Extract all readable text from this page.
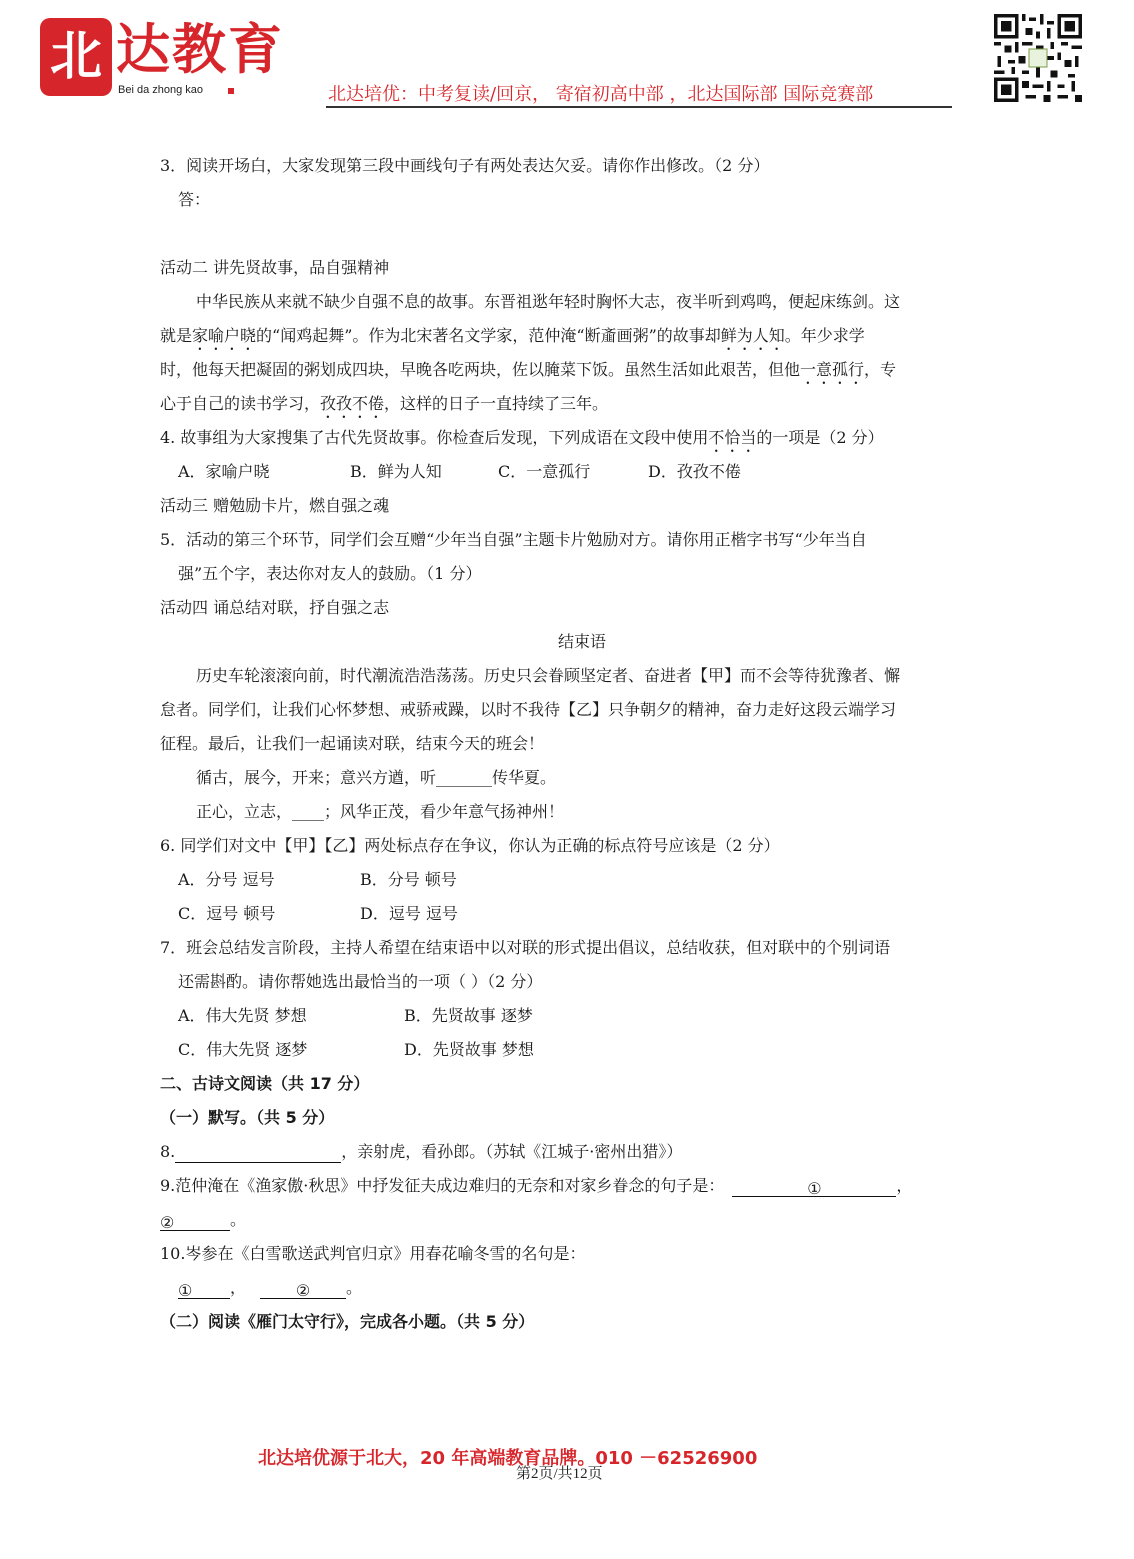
北 达教育
Bei da zhong kao	北达培优：中考复读/回京， 寄宿初高中部 ，北达国际部 国际竞赛部
3．阅读开场白，大家发现第三段中画线句子有两处表达欠妥。请你作出修改。（2 分）
答：
活动二 讲先贤故事，品自强精神
中华民族从来就不缺少自强不息的故事。东晋祖逖年轻时胸怀大志，夜半听到鸡鸣，便起床练剑。这
就是家喻户晓的“闻鸡起舞”。作为北宋著名文学家，范仲淹“断齑画粥”的故事却鲜为人知。年少求学
时，他每天把凝固的粥划成四块，早晚各吃两块，佐以腌菜下饭。虽然生活如此艰苦，但他一意孤行，专
心于自己的读书学习，孜孜不倦，这样的日子一直持续了三年。
4. 故事组为大家搜集了古代先贤故事。你检查后发现，下列成语在文段中使用不恰当的一项是（2 分）
A．家喻户晓	B．鲜为人知	C．一意孤行	D．孜孜不倦
活动三 赠勉励卡片，燃自强之魂
5．活动的第三个环节，同学们会互赠“少年当自强”主题卡片勉励对方。请你用正楷字书写“少年当自
强”五个字，表达你对友人的鼓励。（1 分）
活动四 诵总结对联，抒自强之志
结束语
历史车轮滚滚向前，时代潮流浩浩荡荡。历史只会眷顾坚定者、奋进者【甲】而不会等待犹豫者、懈
怠者。同学们，让我们心怀梦想、戒骄戒躁，以时不我待【乙】只争朝夕的精神，奋力走好这段云端学习
征程。最后，让我们一起诵读对联，结束今天的班会！
循古，展今，开来；意兴方遒，听_______传华夏。
正心，立志，____；风华正茂，看少年意气扬神州！
6. 同学们对文中【甲】【乙】两处标点存在争议，你认为正确的标点符号应该是（2 分）
A．分号 逗号	B．分号 顿号
C．逗号 顿号	D．逗号 逗号
7．班会总结发言阶段，主持人希望在结束语中以对联的形式提出倡议，总结收获，但对联中的个别词语
还需斟酌。请你帮她选出最恰当的一项（ ）（2 分）
A．伟大先贤 梦想	B．先贤故事 逐梦
C．伟大先贤 逐梦	D．先贤故事 梦想
二、古诗文阅读（共 17 分）
（一）默写。（共 5 分）
8.	，亲射虎，看孙郎。（苏轼《江城子·密州出猎》）
9.范仲淹在《渔家傲·秋思》中抒发征夫成边难归的无奈和对家乡眷念的句子是：	①	，
②	。
10.岑参在《白雪歌送武判官归京》用春花喻冬雪的名句是：
① ，	② 。
（二）阅读《雁门太守行》，完成各小题。（共 5 分）
北达培优源于北大，20 年高端教育品牌。010 －62526900
第2页/共12页
